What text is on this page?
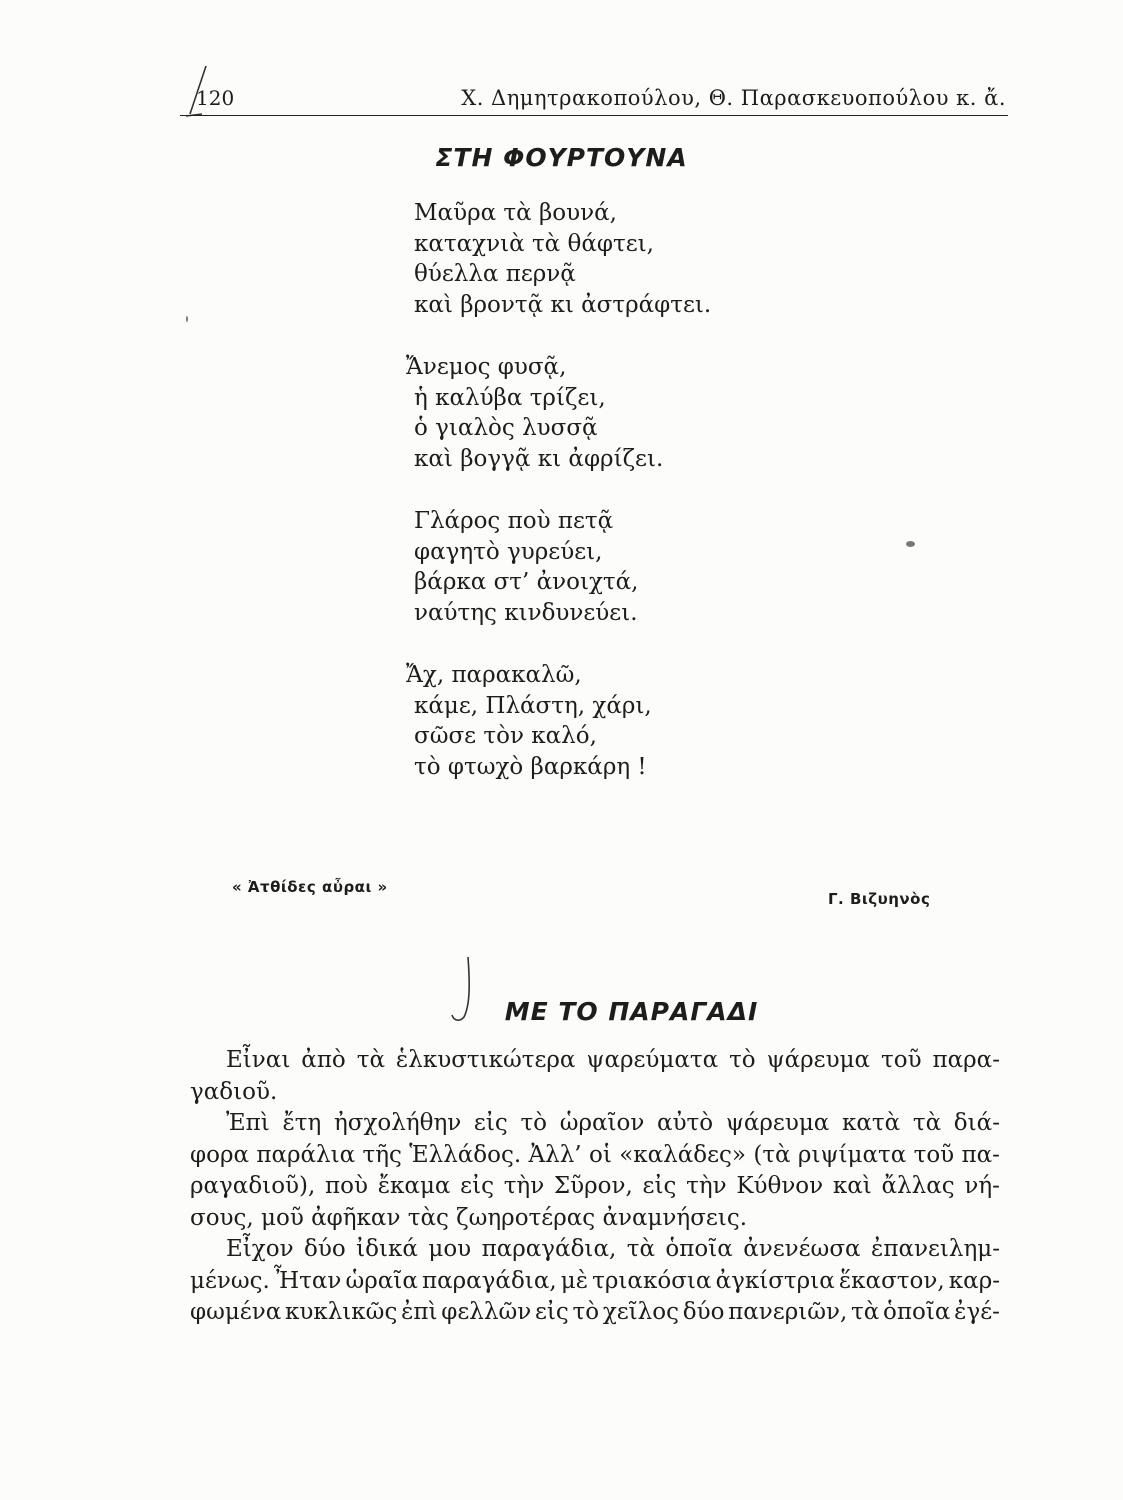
120	Χ. Δημητρακοπούλου, Θ. Παρασκευοπούλου κ. ἄ.
ΣΤΗ ΦΟΥΡΤΟΥΝΑ
Μαῦρα τὰ βουνά,
καταχνιὰ τὰ θάφτει,
θύελλα περνᾷ
καὶ βροντᾷ κι ἀστράφτει.
Ἄνεμος φυσᾷ,
ἡ καλύβα τρίζει,
ὁ γιαλὸς λυσσᾷ
καὶ βογγᾷ κι ἀφρίζει.
Γλάρος ποὺ πετᾷ
φαγητὸ γυρεύει,
βάρκα στ’ ἀνοιχτά,
ναύτης κινδυνεύει.
Ἄχ, παρακαλῶ,
κάμε, Πλάστη, χάρι,
σῶσε τὸν καλό,
τὸ φτωχὸ βαρκάρη !
« Ἀτθίδες αὖραι »
Γ. Βιζυηνὸς
ΜΕ ΤΟ ΠΑΡΑΓΑΔΙ
Εἶναι ἀπὸ τὰ ἑλκυστικώτερα ψαρεύματα τὸ ψάρευμα τοῦ παρα-
γαδιοῦ.
Ἐπὶ ἔτη ἠσχολήθην εἰς τὸ ὡραῖον αὐτὸ ψάρευμα κατὰ τὰ διά-
φορα παράλια τῆς Ἑλλάδος. Ἀλλ’ οἱ «καλάδες» (τὰ ριψίματα τοῦ πα-
ραγαδιοῦ), ποὺ ἔκαμα εἰς τὴν Σῦρον, εἰς τὴν Κύθνον καὶ ἄλλας νή-
σους, μοῦ ἀφῆκαν τὰς ζωηροτέρας ἀναμνήσεις.
Εἶχον δύο ἰδικά μου παραγάδια, τὰ ὁποῖα ἀνενέωσα ἐπανειλημ-
μένως. Ἦταν ὡραῖα παραγάδια, μὲ τριακόσια ἀγκίστρια ἕκαστον, καρ-
φωμένα κυκλικῶς ἐπὶ φελλῶν εἰς τὸ χεῖλος δύο πανεριῶν, τὰ ὁποῖα ἐγέ-
